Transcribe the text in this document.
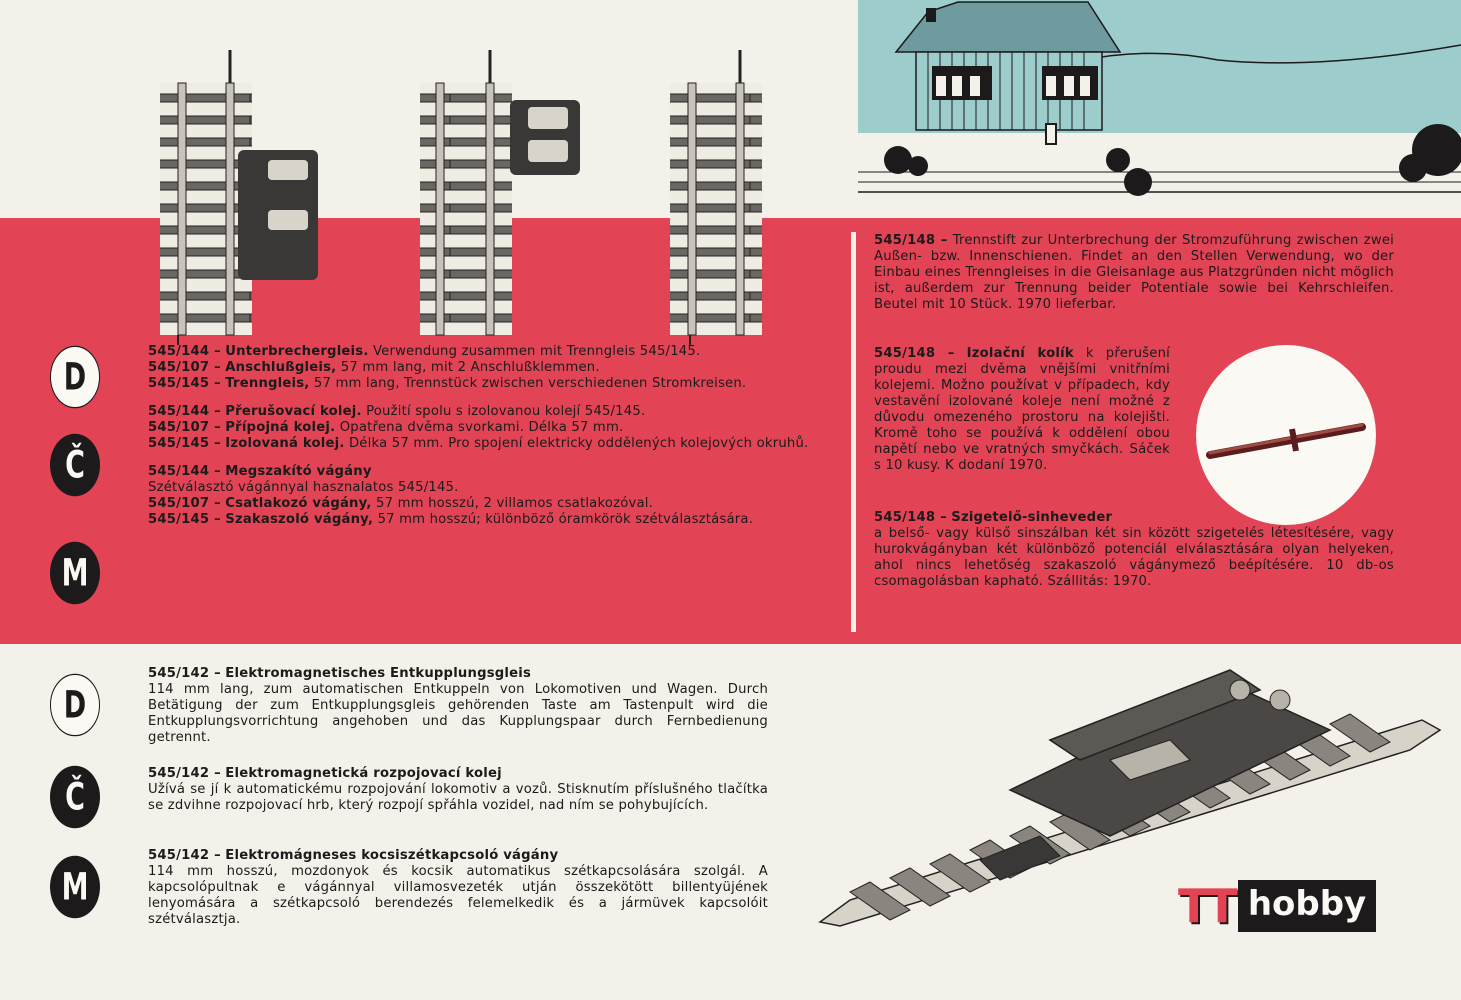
D
Č
M

545/144 – Unterbrechergleis. Verwendung zusammen mit Trenngleis 545/145.

545/107 – Anschlußgleis, 57 mm lang, mit 2 Anschlußklemmen.

545/145 – Trenngleis, 57 mm lang, Trennstück zwischen verschiedenen Stromkreisen.

545/144 – Přerušovací kolej. Použití spolu s izolovanou kolejí 545/145.

545/107 – Přípojná kolej. Opatřena dvěma svorkami. Délka 57 mm.

545/145 – Izolovaná kolej. Délka 57 mm. Pro spojení elektricky oddělených kolejových okruhů.

545/144 – Megszakító vágány
Szétválasztó vágánnyal hasznalatos 545/145.

545/107 – Csatlakozó vágány, 57 mm hosszú, 2 villamos csatlakozóval.

545/145 – Szakaszoló vágány, 57 mm hosszú; különböző óramkörök szétválasztására.

545/148 – Trennstift zur Unterbrechung der Stromzuführung zwischen zwei Außen- bzw. Innenschienen. Findet an den Stellen Verwendung, wo der Einbau eines Trenngleises in die Gleisanlage aus Platzgründen nicht möglich ist, außerdem zur Trennung beider Potentiale sowie bei Kehrschleifen. Beutel mit 10 Stück. 1970 lieferbar.

545/148 – Izolační kolík k přerušení proudu mezi dvěma vnějšími vnitřními kolejemi. Možno používat v případech, kdy vestavění izolované koleje není možné z důvodu omezeného prostoru na kolejišti. Kromě toho se používá k oddělení obou napětí nebo ve vratných smyčkách. Sáček s 10 kusy. K dodaní 1970.

545/148 – Szigetelő-sinheveder
a belső- vagy külső sinszálban két sin között szigetelés létesítésére, vagy hurokvágányban két különböző potenciál elválasztására olyan helyeken, ahol nincs lehetőség szakaszoló vágánymező beépítésére. 10 db-os csomagolásban kapható. Szállitás: 1970.

D
Č
M

545/142 – Elektromagnetisches Entkupplungsgleis
114 mm lang, zum automatischen Entkuppeln von Lokomotiven und Wagen. Durch Betätigung der zum Entkupplungsgleis gehörenden Taste am Tastenpult wird die Entkupplungsvorrichtung angehoben und das Kupplungspaar durch Fernbedienung getrennt.

545/142 – Elektromagnetická rozpojovací kolej
Užívá se jí k automatickému rozpojování lokomotiv a vozů. Stisknutím příslušného tlačítka se zdvihne rozpojovací hrb, který rozpojí spřáhla vozidel, nad ním se pohybujících.

545/142 – Elektromágneses kocsiszétkapcsoló vágány
114 mm hosszú, mozdonyok és kocsik automatikus szétkapcsolására szolgál. A kapcsolópultnak e vágánnyal villamosvezeték utján összekötött billentyüjének lenyomására a szétkapcsoló berendezés felemelkedik és a jármüvek kapcsolóit szétválasztja.	TT hobby
